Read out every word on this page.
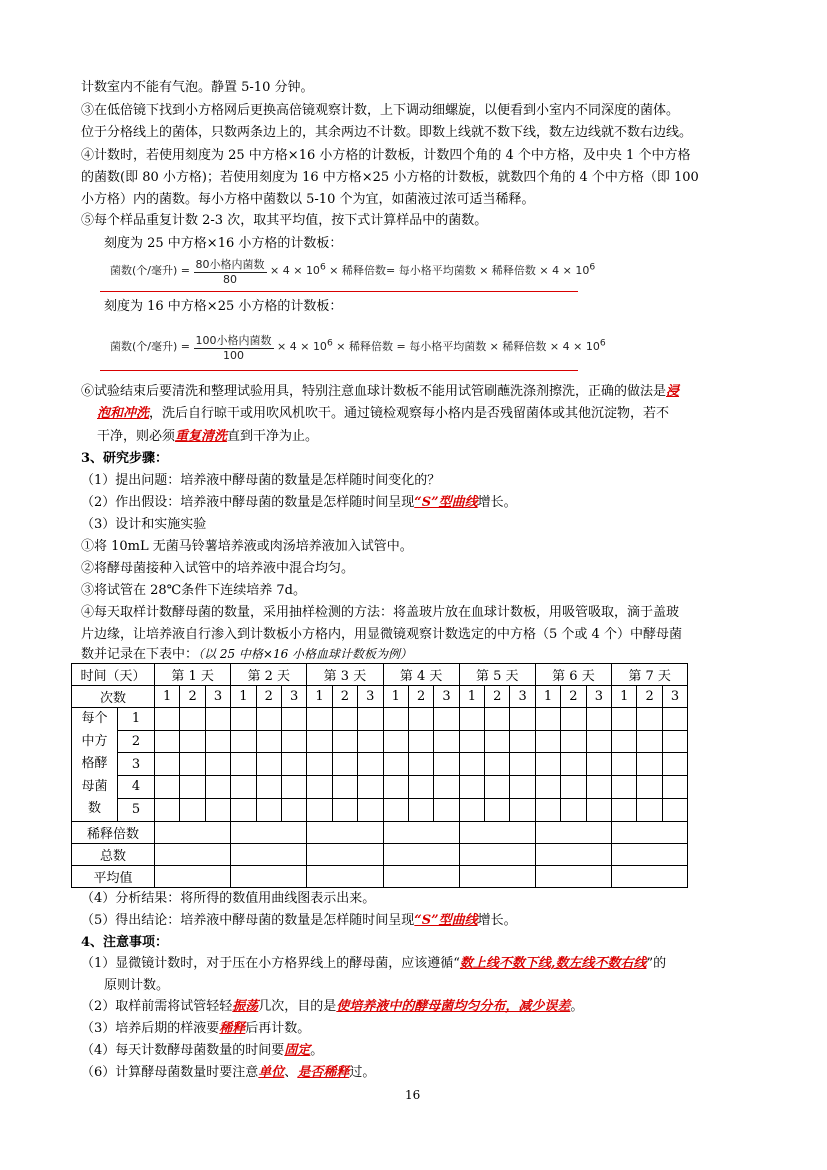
计数室内不能有气泡。静置 5-10 分钟。
③在低倍镜下找到小方格网后更换高倍镜观察计数，上下调动细螺旋，以便看到小室内不同深度的菌体。
位于分格线上的菌体，只数两条边上的，其余两边不计数。即数上线就不数下线，数左边线就不数右边线。
④计数时，若使用刻度为 25 中方格×16 小方格的计数板，计数四个角的 4 个中方格，及中央 1 个中方格
的菌数(即 80 小方格)；若使用刻度为 16 中方格×25 小方格的计数板，就数四个角的 4 个中方格（即 100
小方格）内的菌数。每小方格中菌数以 5-10 个为宜，如菌液过浓可适当稀释。
⑤每个样品重复计数 2-3 次，取其平均值，按下式计算样品中的菌数。
刻度为 25 中方格×16 小方格的计数板：
菌数(个/毫升) = $\frac{\text{80小格内菌数}}{80} \times 4 \times 10^6$ × 稀释倍数= 每小格平均菌数 × 稀释倍数 × $4 \times 10^6$
刻度为 16 中方格×25 小方格的计数板：
菌数(个/毫升) = $\frac{\text{100小格内菌数}}{100} \times 4 \times 10^6$ × 稀释倍数 = 每小格平均菌数 × 稀释倍数 × $4 \times 10^6$
⑥试验结束后要清洗和整理试验用具，特别注意血球计数板不能用试管刷蘸洗涤剂擦洗，正确的做法是浸
泡和冲洗，洗后自行晾干或用吹风机吹干。通过镜检观察每小格内是否残留菌体或其他沉淀物，若不
干净，则必须重复清洗直到干净为止。
3、研究步骤：
（1）提出问题：培养液中酵母菌的数量是怎样随时间变化的？
（2）作出假设：培养液中酵母菌的数量是怎样随时间呈现“S”型曲线增长。
（3）设计和实施实验
①将 10mL 无菌马铃薯培养液或肉汤培养液加入试管中。
②将酵母菌接种入试管中的培养液中混合均匀。
③将试管在 28℃条件下连续培养 7d。
④每天取样计数酵母菌的数量，采用抽样检测的方法：将盖玻片放在血球计数板，用吸管吸取，滴于盖玻
片边缘，让培养液自行渗入到计数板小方格内，用显微镜观察计数选定的中方格（5 个或 4 个）中酵母菌
数并记录在下表中：（以 25 中格×16 小格血球计数板为例）
时间（天）		第 1 天			第 2 天			第 3 天			第 4 天			第 5 天			第 6 天			第 7 天		
次数		1	2	3	1	2	3	1	2	3	1	2	3	1	2	3	1	2	3	1	2	3

每个
中方
格酵
母菌
数	1																					
	2																					
	3																					
	4																					
	5																					
稀释倍数																						
总数																						
平均值																						
（4）分析结果：将所得的数值用曲线图表示出来。
（5）得出结论：培养液中酵母菌的数量是怎样随时间呈现“S”型曲线增长。
4、注意事项：
（1）显微镜计数时，对于压在小方格界线上的酵母菌，应该遵循“数上线不数下线,数左线不数右线”的
原则计数。
（2）取样前需将试管轻轻振荡几次，目的是使培养液中的酵母菌均匀分布，减少误差。
（3）培养后期的样液要稀释后再计数。
（4）每天计数酵母菌数量的时间要固定。
（6）计算酵母菌数量时要注意单位、是否稀释过。
16
